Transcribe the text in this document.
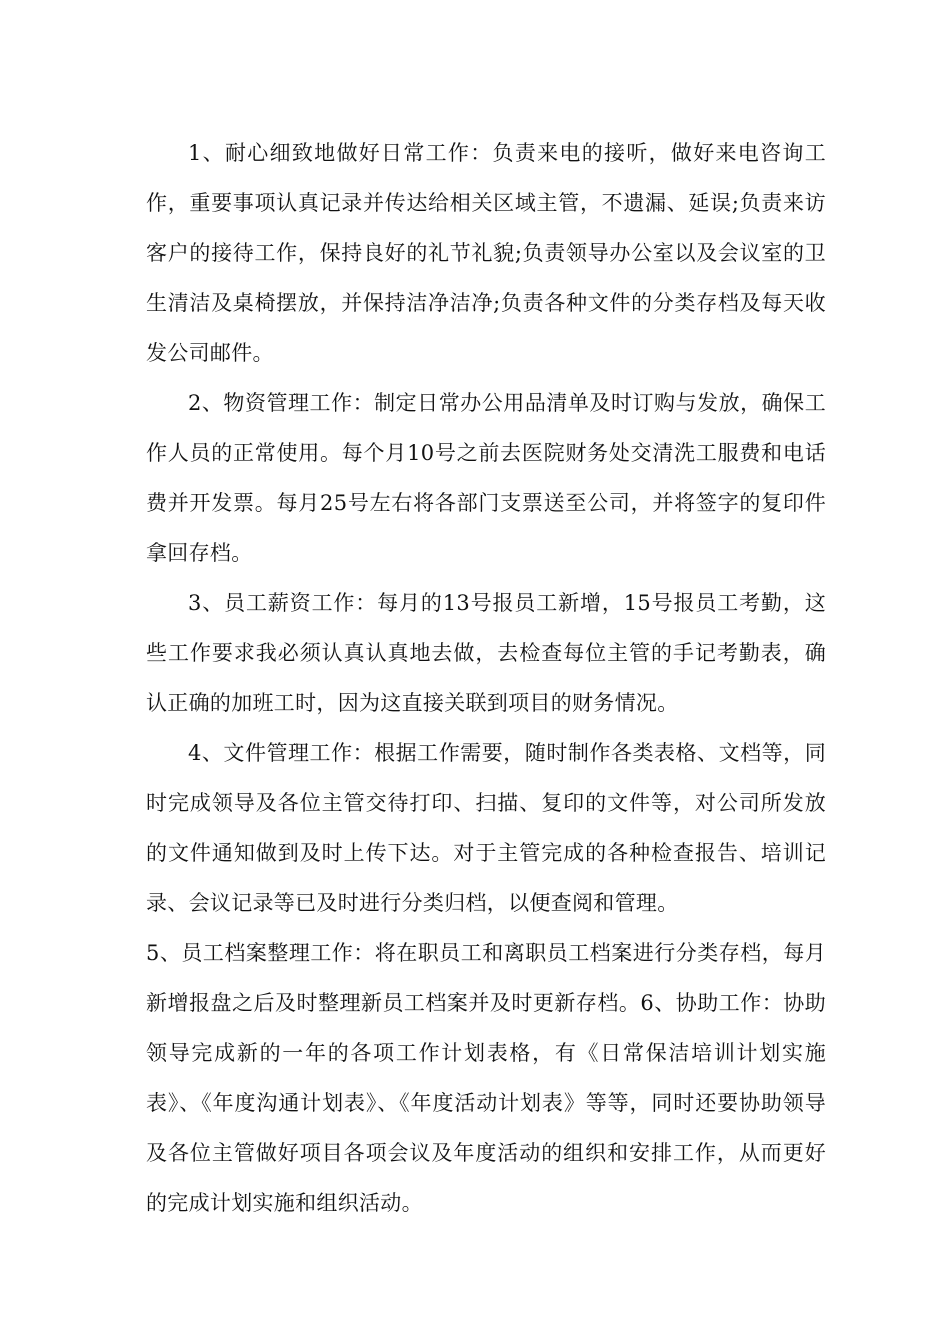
1、耐心细致地做好日常工作：负责来电的接听，做好来电咨询工作，重要事项认真记录并传达给相关区域主管，不遗漏、延误;负责来访客户的接待工作，保持良好的礼节礼貌;负责领导办公室以及会议室的卫生清洁及桌椅摆放，并保持洁净洁净;负责各种文件的分类存档及每天收发公司邮件。

2、物资管理工作：制定日常办公用品清单及时订购与发放，确保工作人员的正常使用。每个月10号之前去医院财务处交清洗工服费和电话费并开发票。每月25号左右将各部门支票送至公司，并将签字的复印件拿回存档。

3、员工薪资工作：每月的13号报员工新增，15号报员工考勤，这些工作要求我必须认真认真地去做，去检查每位主管的手记考勤表，确认正确的加班工时，因为这直接关联到项目的财务情况。

4、文件管理工作：根据工作需要，随时制作各类表格、文档等，同时完成领导及各位主管交待打印、扫描、复印的文件等，对公司所发放的文件通知做到及时上传下达。对于主管完成的各种检查报告、培训记录、会议记录等已及时进行分类归档，以便查阅和管理。

5、员工档案整理工作：将在职员工和离职员工档案进行分类存档，每月新增报盘之后及时整理新员工档案并及时更新存档。6、协助工作：协助领导完成新的一年的各项工作计划表格，有《日常保洁培训计划实施表》、《年度沟通计划表》、《年度活动计划表》等等，同时还要协助领导及各位主管做好项目各项会议及年度活动的组织和安排工作，从而更好的完成计划实施和组织活动。
